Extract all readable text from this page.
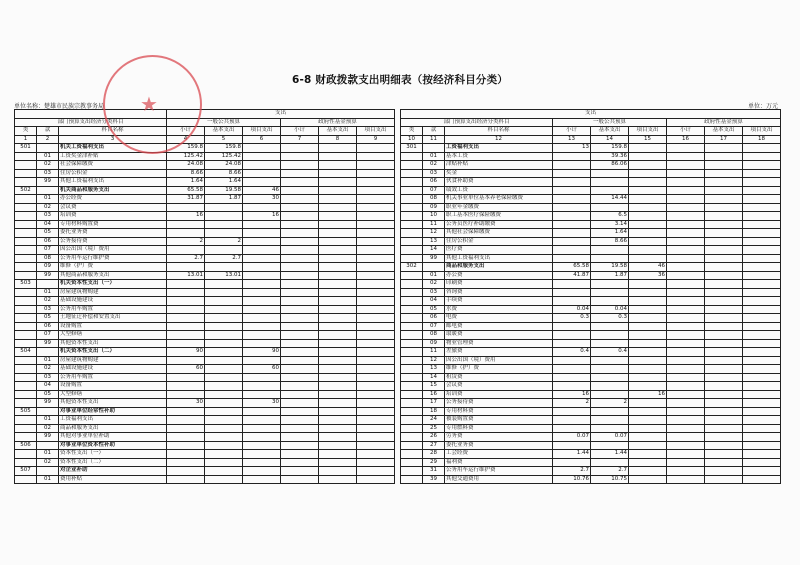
6-8 财政拨款支出明细表（按经济科目分类）
单位名称：楚雄市民族宗教事务局	单位：万元
			支出					
部门预算支出经济分类科目			一般公共预算			政府性基金预算		
类	款	科目名称	小计	基本支出	项目支出	小计	基本支出	项目支出
1	2	3	4	5	6	7	8	9
501		机关工资福利支出	159.8	159.8				
	01	工资奖金津补贴	125.42	125.42				
	02	社会保障缴费	24.08	24.08				
	03	住房公积金	8.66	8.66				
	99	其他工资福利支出	1.64	1.64				
502		机关商品和服务支出	65.58	19.58	46			
	01	办公经费	31.87	1.87	30			
	02	会议费						
	03	培训费	16		16			
	04	专用材料购置费						
	05	委托业务费						
	06	公务接待费	2	2				
	07	因公出国（境）费用						
	08	公务用车运行维护费	2.7	2.7				
	09	维修（护）费						
	99	其他商品和服务支出	13.01	13.01				
503		机关资本性支出（一）						
	01	房屋建筑物购建						
	02	基础设施建设						
	03	公务用车购置						
	05	土地征迁补偿和安置支出						
	06	设备购置						
	07	大型修缮						
	99	其他资本性支出						
504		机关资本性支出（二）	90		90			
	01	房屋建筑物购建						
	02	基础设施建设	60		60			
	03	公务用车购置						
	04	设备购置						
	05	大型修缮						
	99	其他资本性支出	30		30			
505		对事业单位经常性补助						
	01	工资福利支出						
	02	商品和服务支出						
	99	其他对事业单位补助						
506		对事业单位资本性补助						
	01	资本性支出（一）						
	02	资本性支出（二）						
507		对企业补助						
	01	费用补贴						
支出								
部门预算支出经济分类科目			一般公共预算			政府性基金预算		
类	款	科目名称	小计	基本支出	项目支出	小计	基本支出	项目支出
10	11	12	13	14	15	16	17	18
301		工资福利支出	13	159.8				
	01	基本工资		39.36				
	02	津贴补贴		86.06				
	03	奖金						
	06	伙食补助费						
	07	绩效工资						
	08	机关事业单位基本养老保险缴费		14.44				
	09	职业年金缴费						
	10	职工基本医疗保险缴费		6.5				
	11	公务员医疗补助缴费		3.14				
	12	其他社会保障缴费		1.64				
	13	住房公积金		8.66				
	14	医疗费						
	99	其他工资福利支出						
302		商品和服务支出	65.58	19.58	46			
	01	办公费	41.87	1.87	36			
	02	印刷费						
	03	咨询费						
	04	手续费						
	05	水费	0.04	0.04				
	06	电费	0.3	0.3				
	07	邮电费						
	08	取暖费						
	09	物业管理费						
	11	差旅费	0.4	0.4				
	12	因公出国（境）费用						
	13	维修（护）费						
	14	租赁费						
	15	会议费						
	16	培训费	16		16			
	17	公务接待费	2	2				
	18	专用材料费						
	24	被装购置费						
	25	专用燃料费						
	26	劳务费	0.07	0.07				
	27	委托业务费						
	28	工会经费	1.44	1.44				
	29	福利费						
	31	公务用车运行维护费	2.7	2.7				
	39	其他交通费用	10.76	10.75				
★
